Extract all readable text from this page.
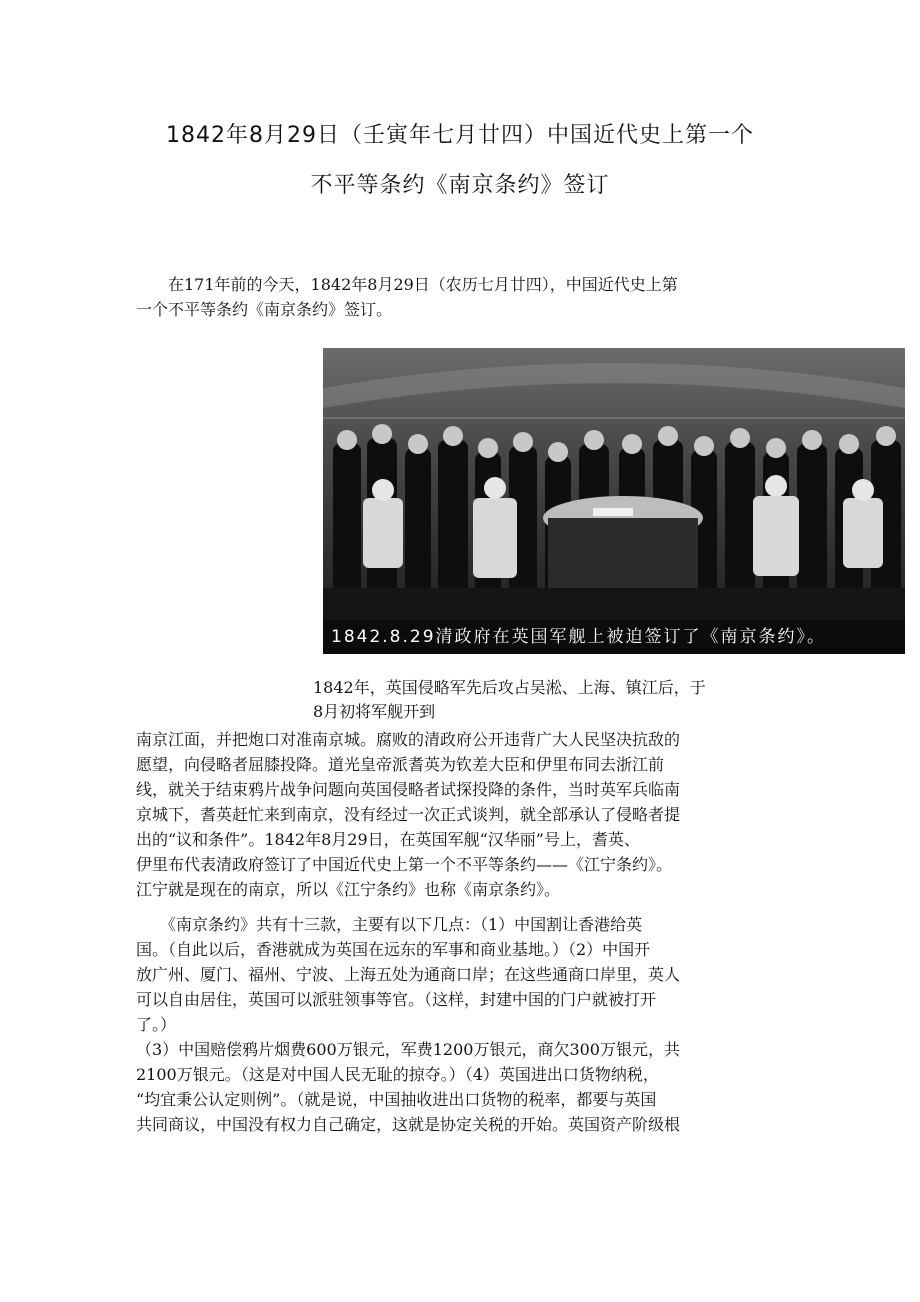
1842年8月29日（壬寅年七月廿四）中国近代史上第一个
不平等条约《南京条约》签订

　　在171年前的今天，1842年8月29日（农历七月廿四），中国近代史上第
一个不平等条约《南京条约》签订。

1842.8.29清政府在英国军舰上被迫签订了《南京条约》。
1842年，英国侵略军先后攻占吴淞、上海、镇江后，于
8月初将军舰开到

南京江面，并把炮口对准南京城。腐败的清政府公开违背广大人民坚决抗敌的
愿望，向侵略者屈膝投降。道光皇帝派耆英为钦差大臣和伊里布同去浙江前
线，就关于结束鸦片战争问题向英国侵略者试探投降的条件，当时英军兵临南
京城下，耆英赶忙来到南京，没有经过一次正式谈判，就全部承认了侵略者提
出的“议和条件”。1842年8月29日，在英国军舰“汉华丽”号上，耆英、
伊里布代表清政府签订了中国近代史上第一个不平等条约——《江宁条约》。
江宁就是现在的南京，所以《江宁条约》也称《南京条约》。

　　《南京条约》共有十三款，主要有以下几点：（1）中国割让香港给英
国。（自此以后，香港就成为英国在远东的军事和商业基地。）（2）中国开
放广州、厦门、福州、宁波、上海五处为通商口岸；在这些通商口岸里，英人
可以自由居住，英国可以派驻领事等官。（这样，封建中国的门户就被打开
了。）
（3）中国赔偿鸦片烟费600万银元，军费1200万银元，商欠300万银元，共
2100万银元。（这是对中国人民无耻的掠夺。）（4）英国进出口货物纳税，
“均宜秉公认定则例”。（就是说，中国抽收进出口货物的税率，都要与英国
共同商议，中国没有权力自己确定，这就是协定关税的开始。英国资产阶级根
